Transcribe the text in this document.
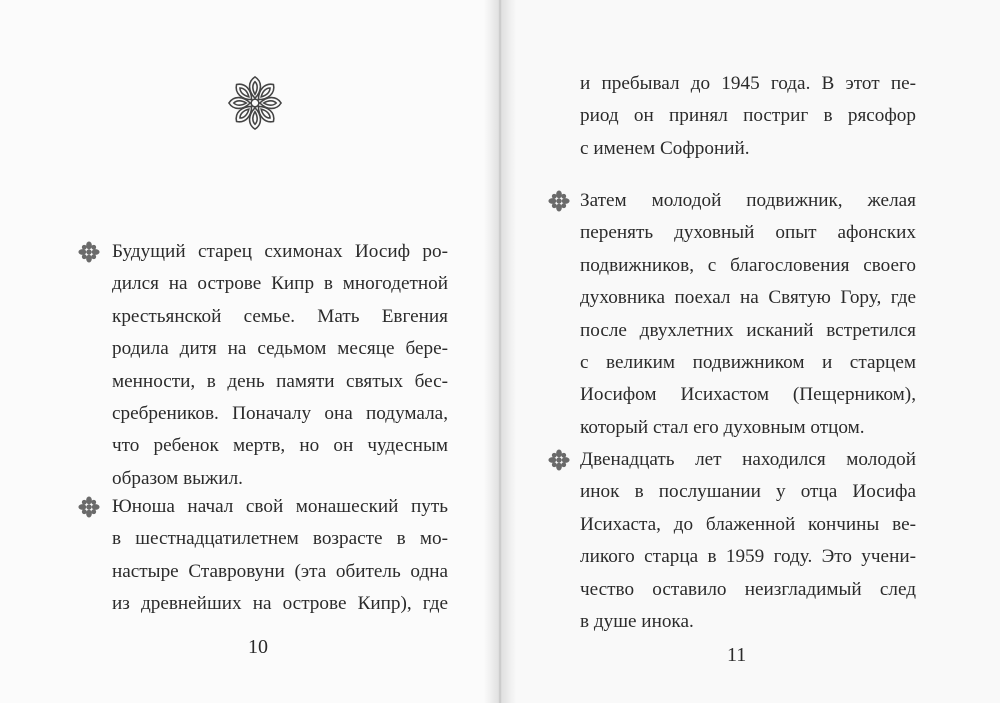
Будущий старец схимонах Иосиф ро-
дился на острове Кипр в многодетной
крестьянской семье. Мать Евгения
родила дитя на седьмом месяце бере-
менности, в день памяти святых бес-
сребреников. Поначалу она подумала,
что ребенок мертв, но он чудесным
образом выжил.
Юноша начал свой монашеский путь
в шестнадцатилетнем возрасте в мо-
настыре Ставровуни (эта обитель одна
из древнейших на острове Кипр), где
10
и пребывал до 1945 года. В этот пе-
риод он принял постриг в рясофор
с именем Софроний.
Затем молодой подвижник, желая
перенять духовный опыт афонских
подвижников, с благословения своего
духовника поехал на Святую Гору, где
после двухлетних исканий встретился
с великим подвижником и старцем
Иосифом Исихастом (Пещерником),
который стал его духовным отцом.
Двенадцать лет находился молодой
инок в послушании у отца Иосифа
Исихаста, до блаженной кончины ве-
ликого старца в 1959 году. Это учени-
чество оставило неизгладимый след
в душе инока.
11
